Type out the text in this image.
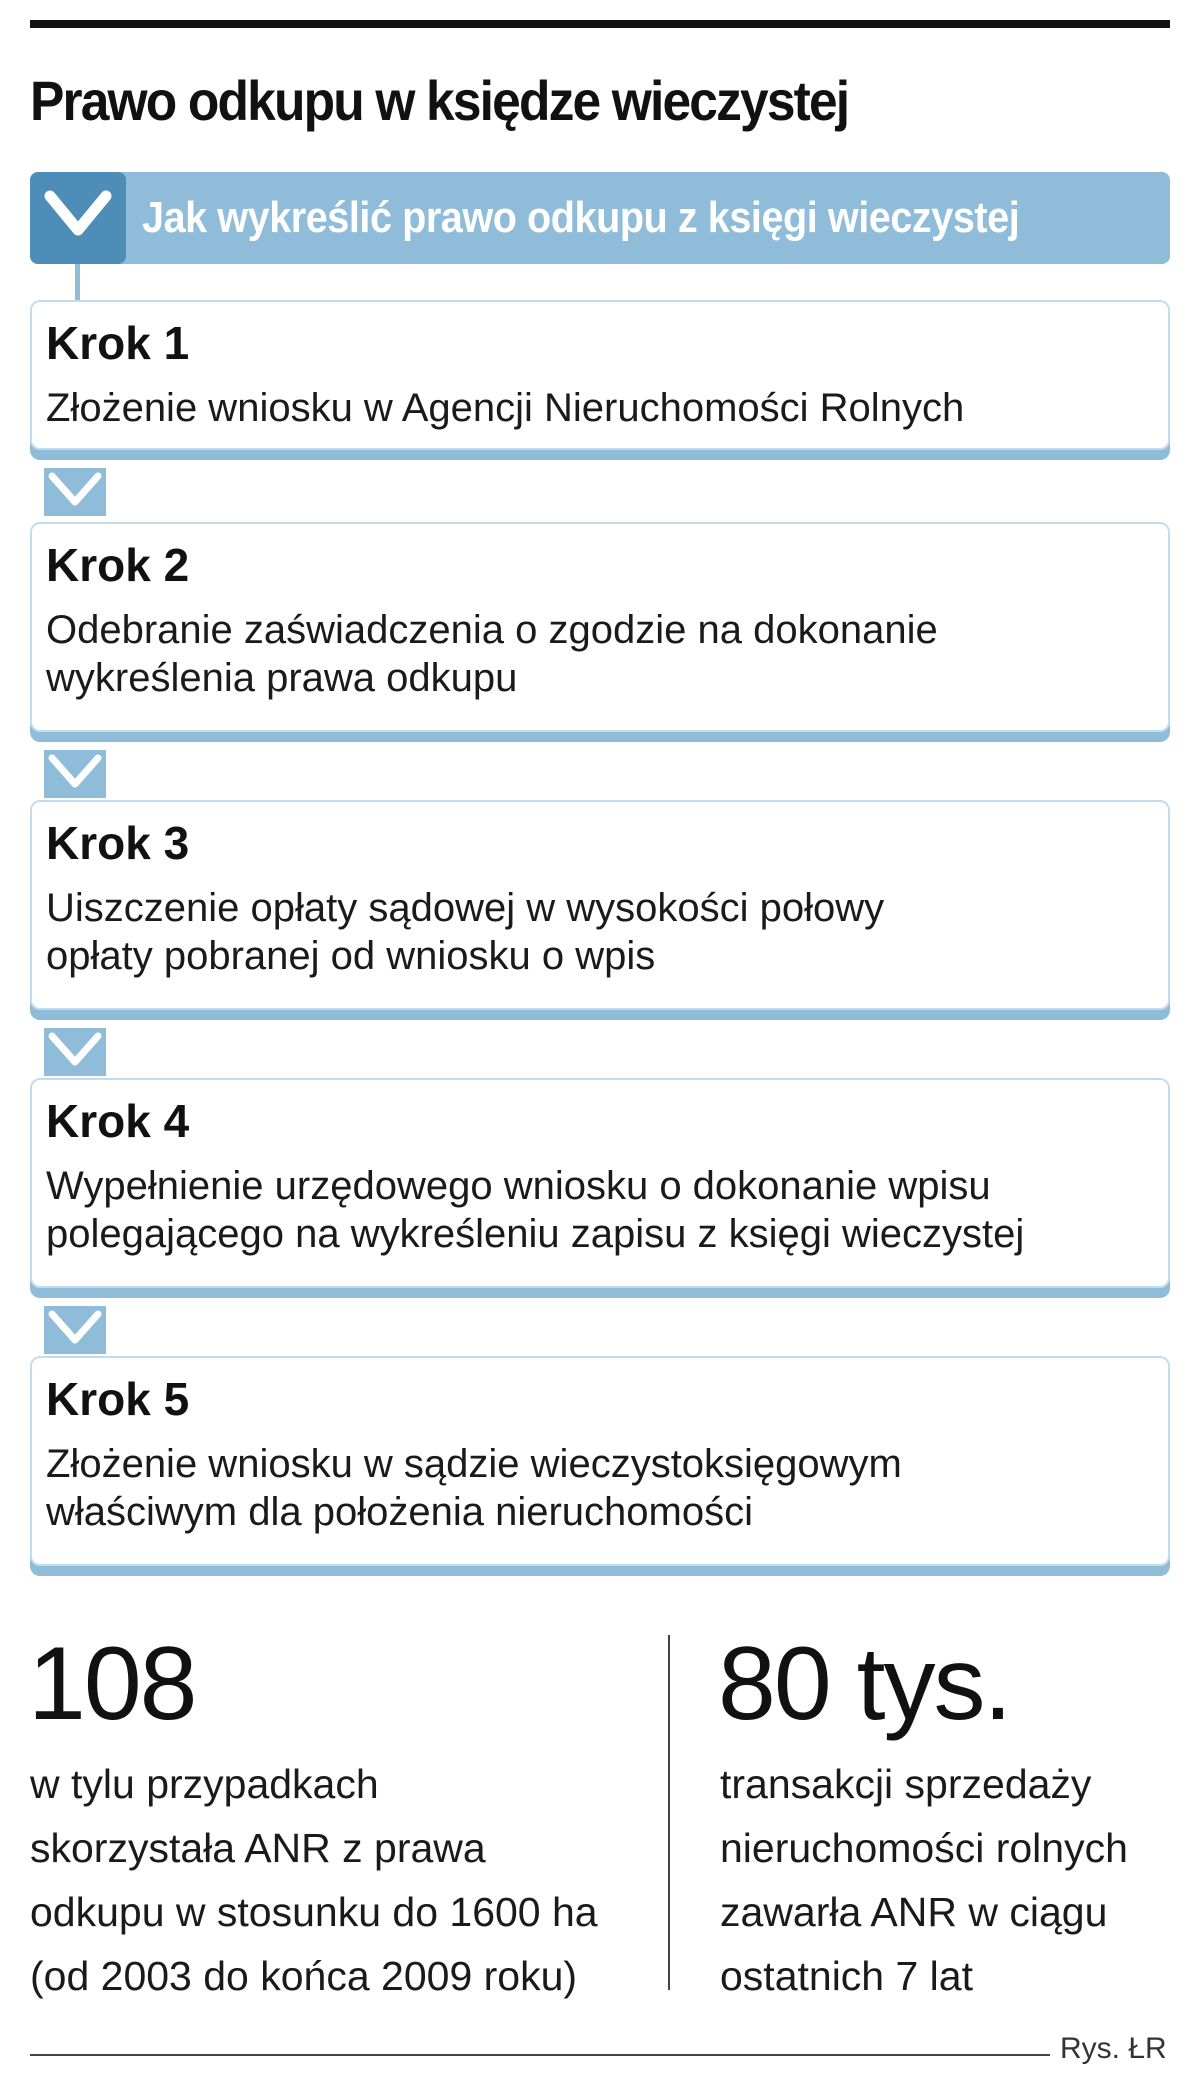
Prawo odkupu w księdze wieczystej
Jak wykreślić prawo odkupu z księgi wieczystej
Krok 1
Złożenie wniosku w Agencji Nieruchomości Rolnych
Krok 2
Odebranie zaświadczenia o zgodzie na dokonanie
wykreślenia prawa odkupu
Krok 3
Uiszczenie opłaty sądowej w wysokości połowy
opłaty pobranej od wniosku o wpis
Krok 4
Wypełnienie urzędowego wniosku o dokonanie wpisu
polegającego na wykreśleniu zapisu z księgi wieczystej
Krok 5
Złożenie wniosku w sądzie wieczystoksięgowym
właściwym dla położenia nieruchomości
108
w tylu przypadkach
skorzystała ANR z prawa
odkupu w stosunku do 1600 ha
(od 2003 do końca 2009 roku)
80 tys.
transakcji sprzedaży
nieruchomości rolnych
zawarła ANR w ciągu
ostatnich 7 lat
Rys. ŁR
